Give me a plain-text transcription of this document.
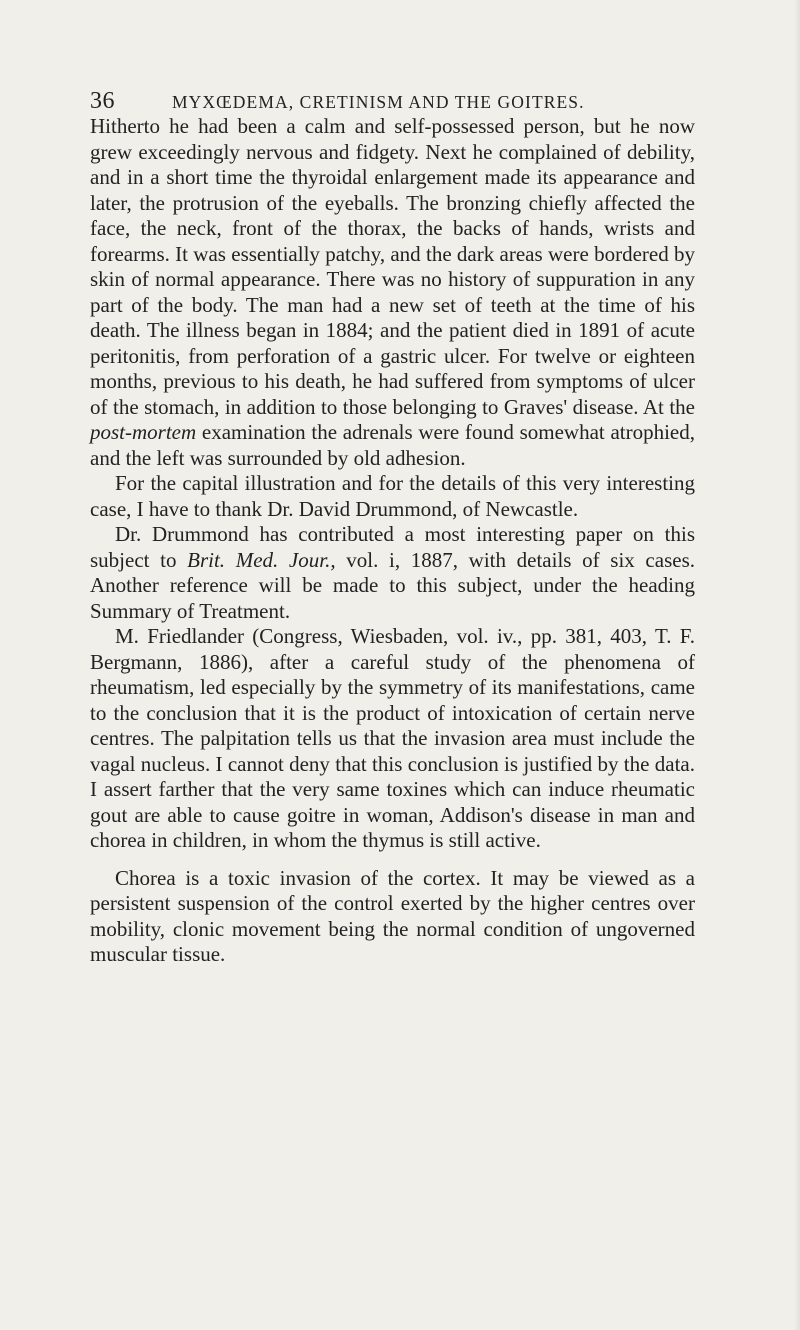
36	MYXŒDEMA, CRETINISM AND THE GOITRES.

Hitherto he had been a calm and self-possessed person, but he now grew exceedingly nervous and fidgety. Next he complained of debility, and in a short time the thyroidal enlargement made its appearance and later, the protrusion of the eyeballs. The bronzing chiefly affected the face, the neck, front of the thorax, the backs of hands, wrists and forearms. It was essentially patchy, and the dark areas were bordered by skin of normal appearance. There was no history of suppuration in any part of the body. The man had a new set of teeth at the time of his death. The illness began in 1884; and the patient died in 1891 of acute peritonitis, from perforation of a gastric ulcer. For twelve or eighteen months, previous to his death, he had suffered from symptoms of ulcer of the stomach, in addition to those belonging to Graves' disease. At the post-mortem examination the adrenals were found somewhat atrophied, and the left was surrounded by old adhesion.

For the capital illustration and for the details of this very interesting case, I have to thank Dr. David Drummond, of Newcastle.

Dr. Drummond has contributed a most interesting paper on this subject to Brit. Med. Jour., vol. i, 1887, with details of six cases. Another reference will be made to this subject, under the heading Summary of Treatment.

M. Friedlander (Congress, Wiesbaden, vol. iv., pp. 381, 403, T. F. Bergmann, 1886), after a careful study of the phenomena of rheumatism, led especially by the symmetry of its manifestations, came to the conclusion that it is the product of intoxication of certain nerve centres. The palpitation tells us that the invasion area must include the vagal nucleus. I cannot deny that this conclusion is justified by the data. I assert farther that the very same toxines which can induce rheumatic gout are able to cause goitre in woman, Addison's disease in man and chorea in children, in whom the thymus is still active.

Chorea is a toxic invasion of the cortex. It may be viewed as a persistent suspension of the control exerted by the higher centres over mobility, clonic movement being the normal condition of ungoverned muscular tissue.
